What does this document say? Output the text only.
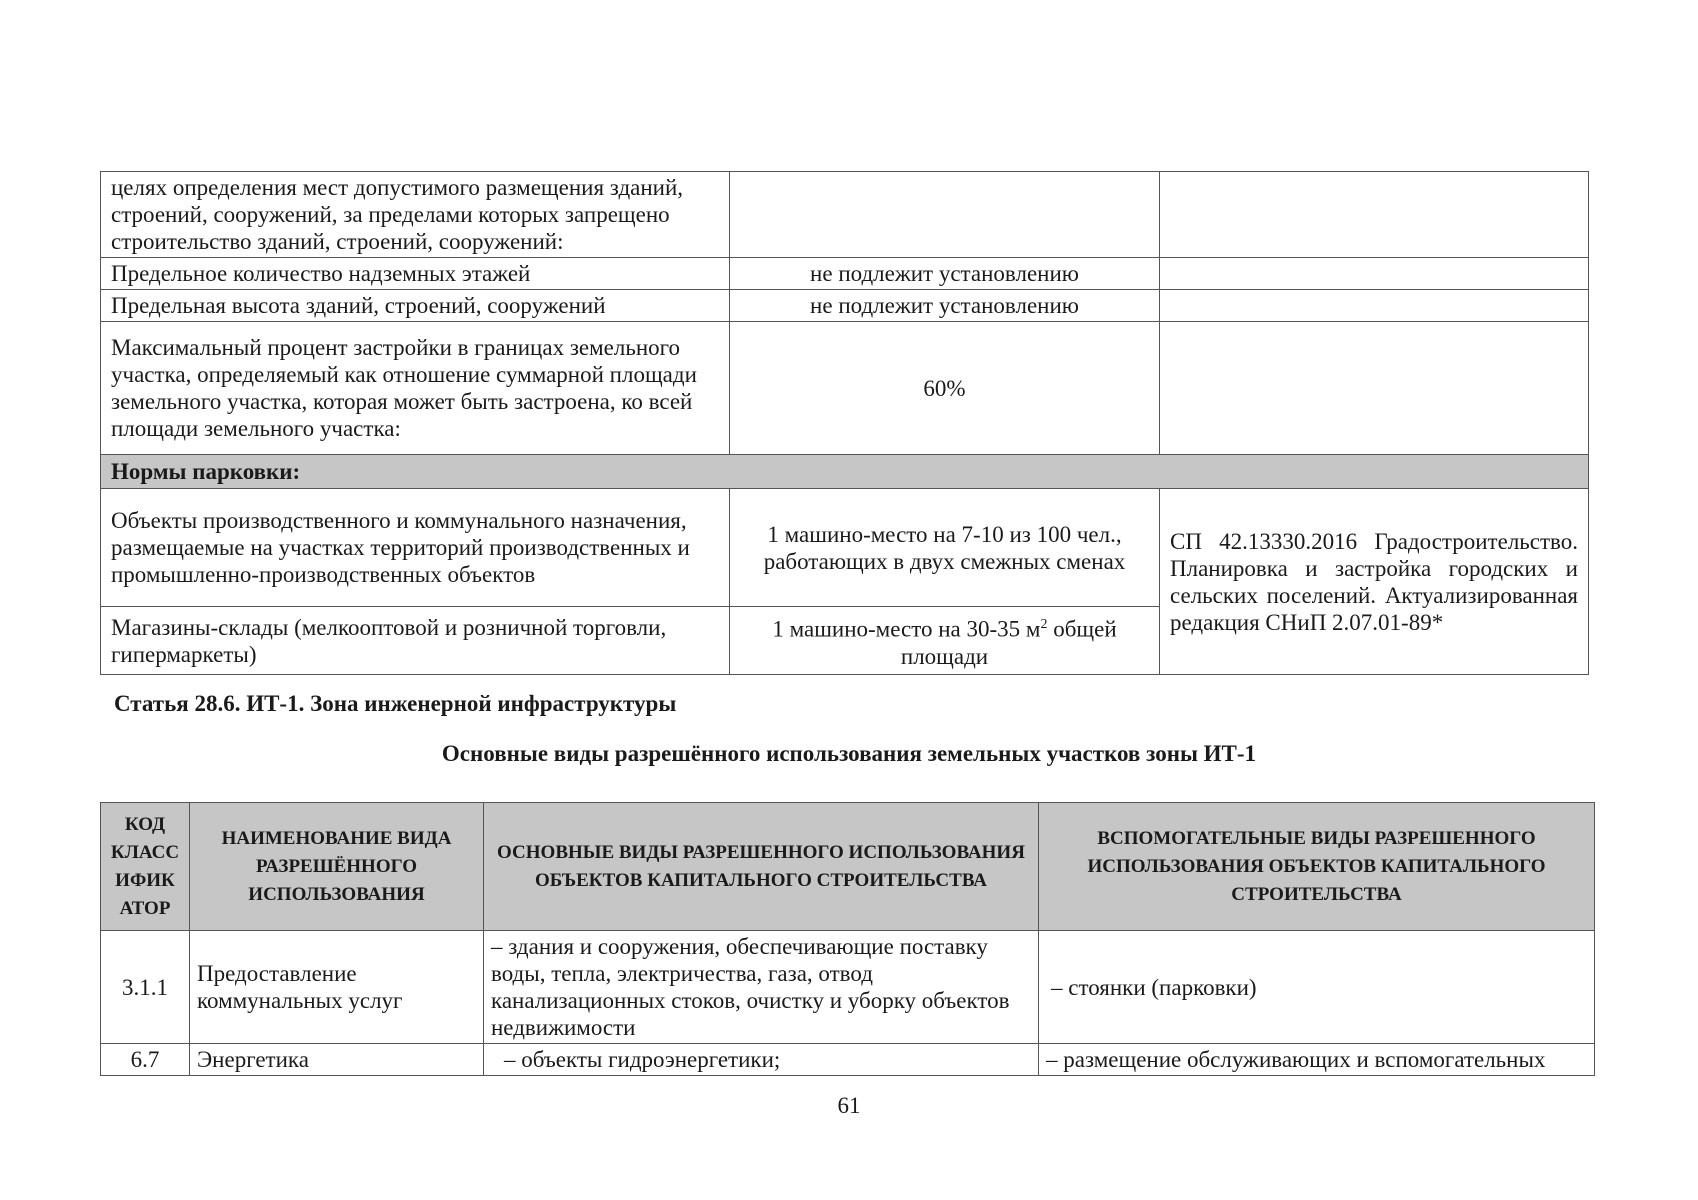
целях определения мест допустимого размещения зданий, строений, сооружений, за пределами которых запрещено строительство зданий, строений, сооружений:		
Предельное количество надземных этажей	не подлежит установлению	
Предельная высота зданий, строений, сооружений	не подлежит установлению	
Максимальный процент застройки в границах земельного участка, определяемый как отношение суммарной площади земельного участка, которая может быть застроена, ко всей площади земельного участка:	60%	
Нормы парковки:		
Объекты производственного и коммунального назначения, размещаемые на участках территорий производственных и промышленно-производственных объектов	1 машино-место на 7-10 из 100 чел., работающих в двух смежных сменах	СП 42.13330.2016 Градостроительство. Планировка и застройка городских и сельских поселений. Актуализированная редакция СНиП 2.07.01-89*
Магазины-склады (мелкооптовой и розничной торговли, гипермаркеты)	1 машино-место на 30-35 $м^2$ общей площади	
Статья 28.6. ИТ-1. Зона инженерной инфраструктуры
Основные виды разрешённого использования земельных участков зоны ИТ-1
КОД КЛАСС ИФИК АТОР	НАИМЕНОВАНИЕ ВИДА РАЗРЕШЁННОГО ИСПОЛЬЗОВАНИЯ	ОСНОВНЫЕ ВИДЫ РАЗРЕШЕННОГО ИСПОЛЬЗОВАНИЯ ОБЪЕКТОВ КАПИТАЛЬНОГО СТРОИТЕЛЬСТВА	ВСПОМОГАТЕЛЬНЫЕ ВИДЫ РАЗРЕШЕННОГО ИСПОЛЬЗОВАНИЯ ОБЪЕКТОВ КАПИТАЛЬНОГО СТРОИТЕЛЬСТВА
3.1.1	Предоставление коммунальных услуг	– здания и сооружения, обеспечивающие поставку воды, тепла, электричества, газа, отвод канализационных стоков, очистку и уборку объектов недвижимости	– стоянки (парковки)
6.7	Энергетика	– объекты гидроэнергетики;	– размещение обслуживающих и вспомогательных
61
